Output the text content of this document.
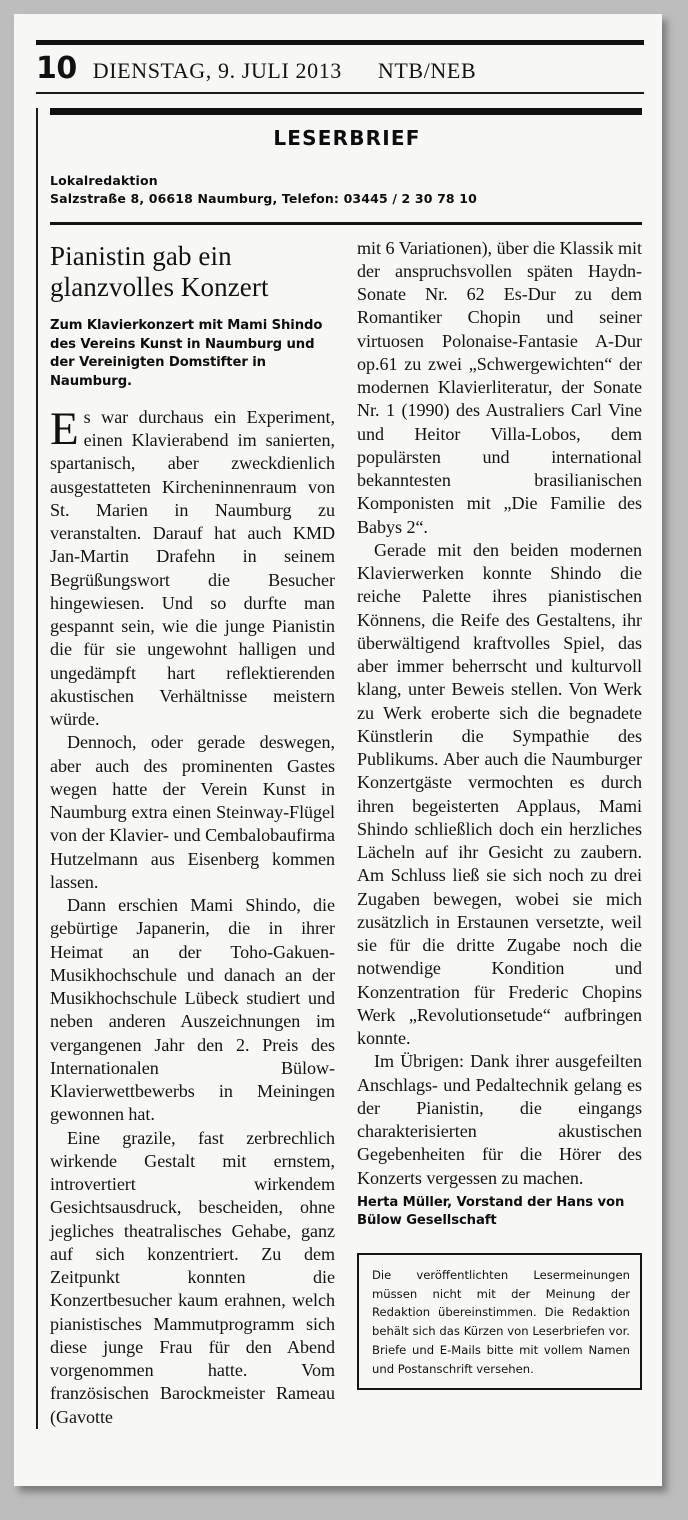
10 DIENSTAG, 9. JULI 2013 NTB/NEB
LESERBRIEF
Lokalredaktion
Salzstraße 8, 06618 Naumburg, Telefon: 03445 / 2 30 78 10
Pianistin gab ein glanzvolles Konzert
Zum Klavierkonzert mit Mami Shindo des Vereins Kunst in Naumburg und der Vereinigten Domstifter in Naumburg.

Es war durchaus ein Experiment, einen Klavierabend im sanierten, spartanisch, aber zweckdienlich ausgestatteten Kircheninnenraum von St. Marien in Naumburg zu veranstalten. Darauf hat auch KMD Jan-Martin Drafehn in seinem Begrüßungswort die Besucher hingewiesen. Und so durfte man gespannt sein, wie die junge Pianistin die für sie ungewohnt halligen und ungedämpft hart reflektierenden akustischen Verhältnisse meistern würde.

Dennoch, oder gerade deswegen, aber auch des prominenten Gastes wegen hatte der Verein Kunst in Naumburg extra einen Steinway-Flügel von der Klavier- und Cembalobaufirma Hutzelmann aus Eisenberg kommen lassen.

Dann erschien Mami Shindo, die gebürtige Japanerin, die in ihrer Heimat an der Toho-Gakuen-Musikhochschule und danach an der Musikhochschule Lübeck studiert und neben anderen Auszeichnungen im vergangenen Jahr den 2. Preis des Internationalen Bülow-Klavierwettbewerbs in Meiningen gewonnen hat.

Eine grazile, fast zerbrechlich wirkende Gestalt mit ernstem, introvertiert wirkendem Gesichtsausdruck, bescheiden, ohne jegliches theatralisches Gehabe, ganz auf sich konzentriert. Zu dem Zeitpunkt konnten die Konzertbesucher kaum erahnen, welch pianistisches Mammutprogramm sich diese junge Frau für den Abend vorgenommen hatte. Vom französischen Barockmeister Rameau (Gavotte

mit 6 Variationen), über die Klassik mit der anspruchsvollen späten Haydn-Sonate Nr. 62 Es-Dur zu dem Romantiker Chopin und seiner virtuosen Polonaise-Fantasie A-Dur op.61 zu zwei „Schwergewichten“ der modernen Klavierliteratur, der Sonate Nr. 1 (1990) des Australiers Carl Vine und Heitor Villa-Lobos, dem populärsten und international bekanntesten brasilianischen Komponisten mit „Die Familie des Babys 2“.

Gerade mit den beiden modernen Klavierwerken konnte Shindo die reiche Palette ihres pianistischen Könnens, die Reife des Gestaltens, ihr überwältigend kraftvolles Spiel, das aber immer beherrscht und kulturvoll klang, unter Beweis stellen. Von Werk zu Werk eroberte sich die begnadete Künstlerin die Sympathie des Publikums. Aber auch die Naumburger Konzertgäste vermochten es durch ihren begeisterten Applaus, Mami Shindo schließlich doch ein herzliches Lächeln auf ihr Gesicht zu zaubern. Am Schluss ließ sie sich noch zu drei Zugaben bewegen, wobei sie mich zusätzlich in Erstaunen versetzte, weil sie für die dritte Zugabe noch die notwendige Kondition und Konzentration für Frederic Chopins Werk „Revolutionsetude“ aufbringen konnte.

Im Übrigen: Dank ihrer ausgefeilten Anschlags- und Pedaltechnik gelang es der Pianistin, die eingangs charakterisierten akustischen Gegebenheiten für die Hörer des Konzerts vergessen zu machen.

Herta Müller, Vorstand der Hans von Bülow Gesellschaft

Die veröffentlichten Lesermeinungen müssen nicht mit der Meinung der Redaktion übereinstimmen. Die Redaktion behält sich das Kürzen von Leserbriefen vor. Briefe und E-Mails bitte mit vollem Namen und Postanschrift versehen.
